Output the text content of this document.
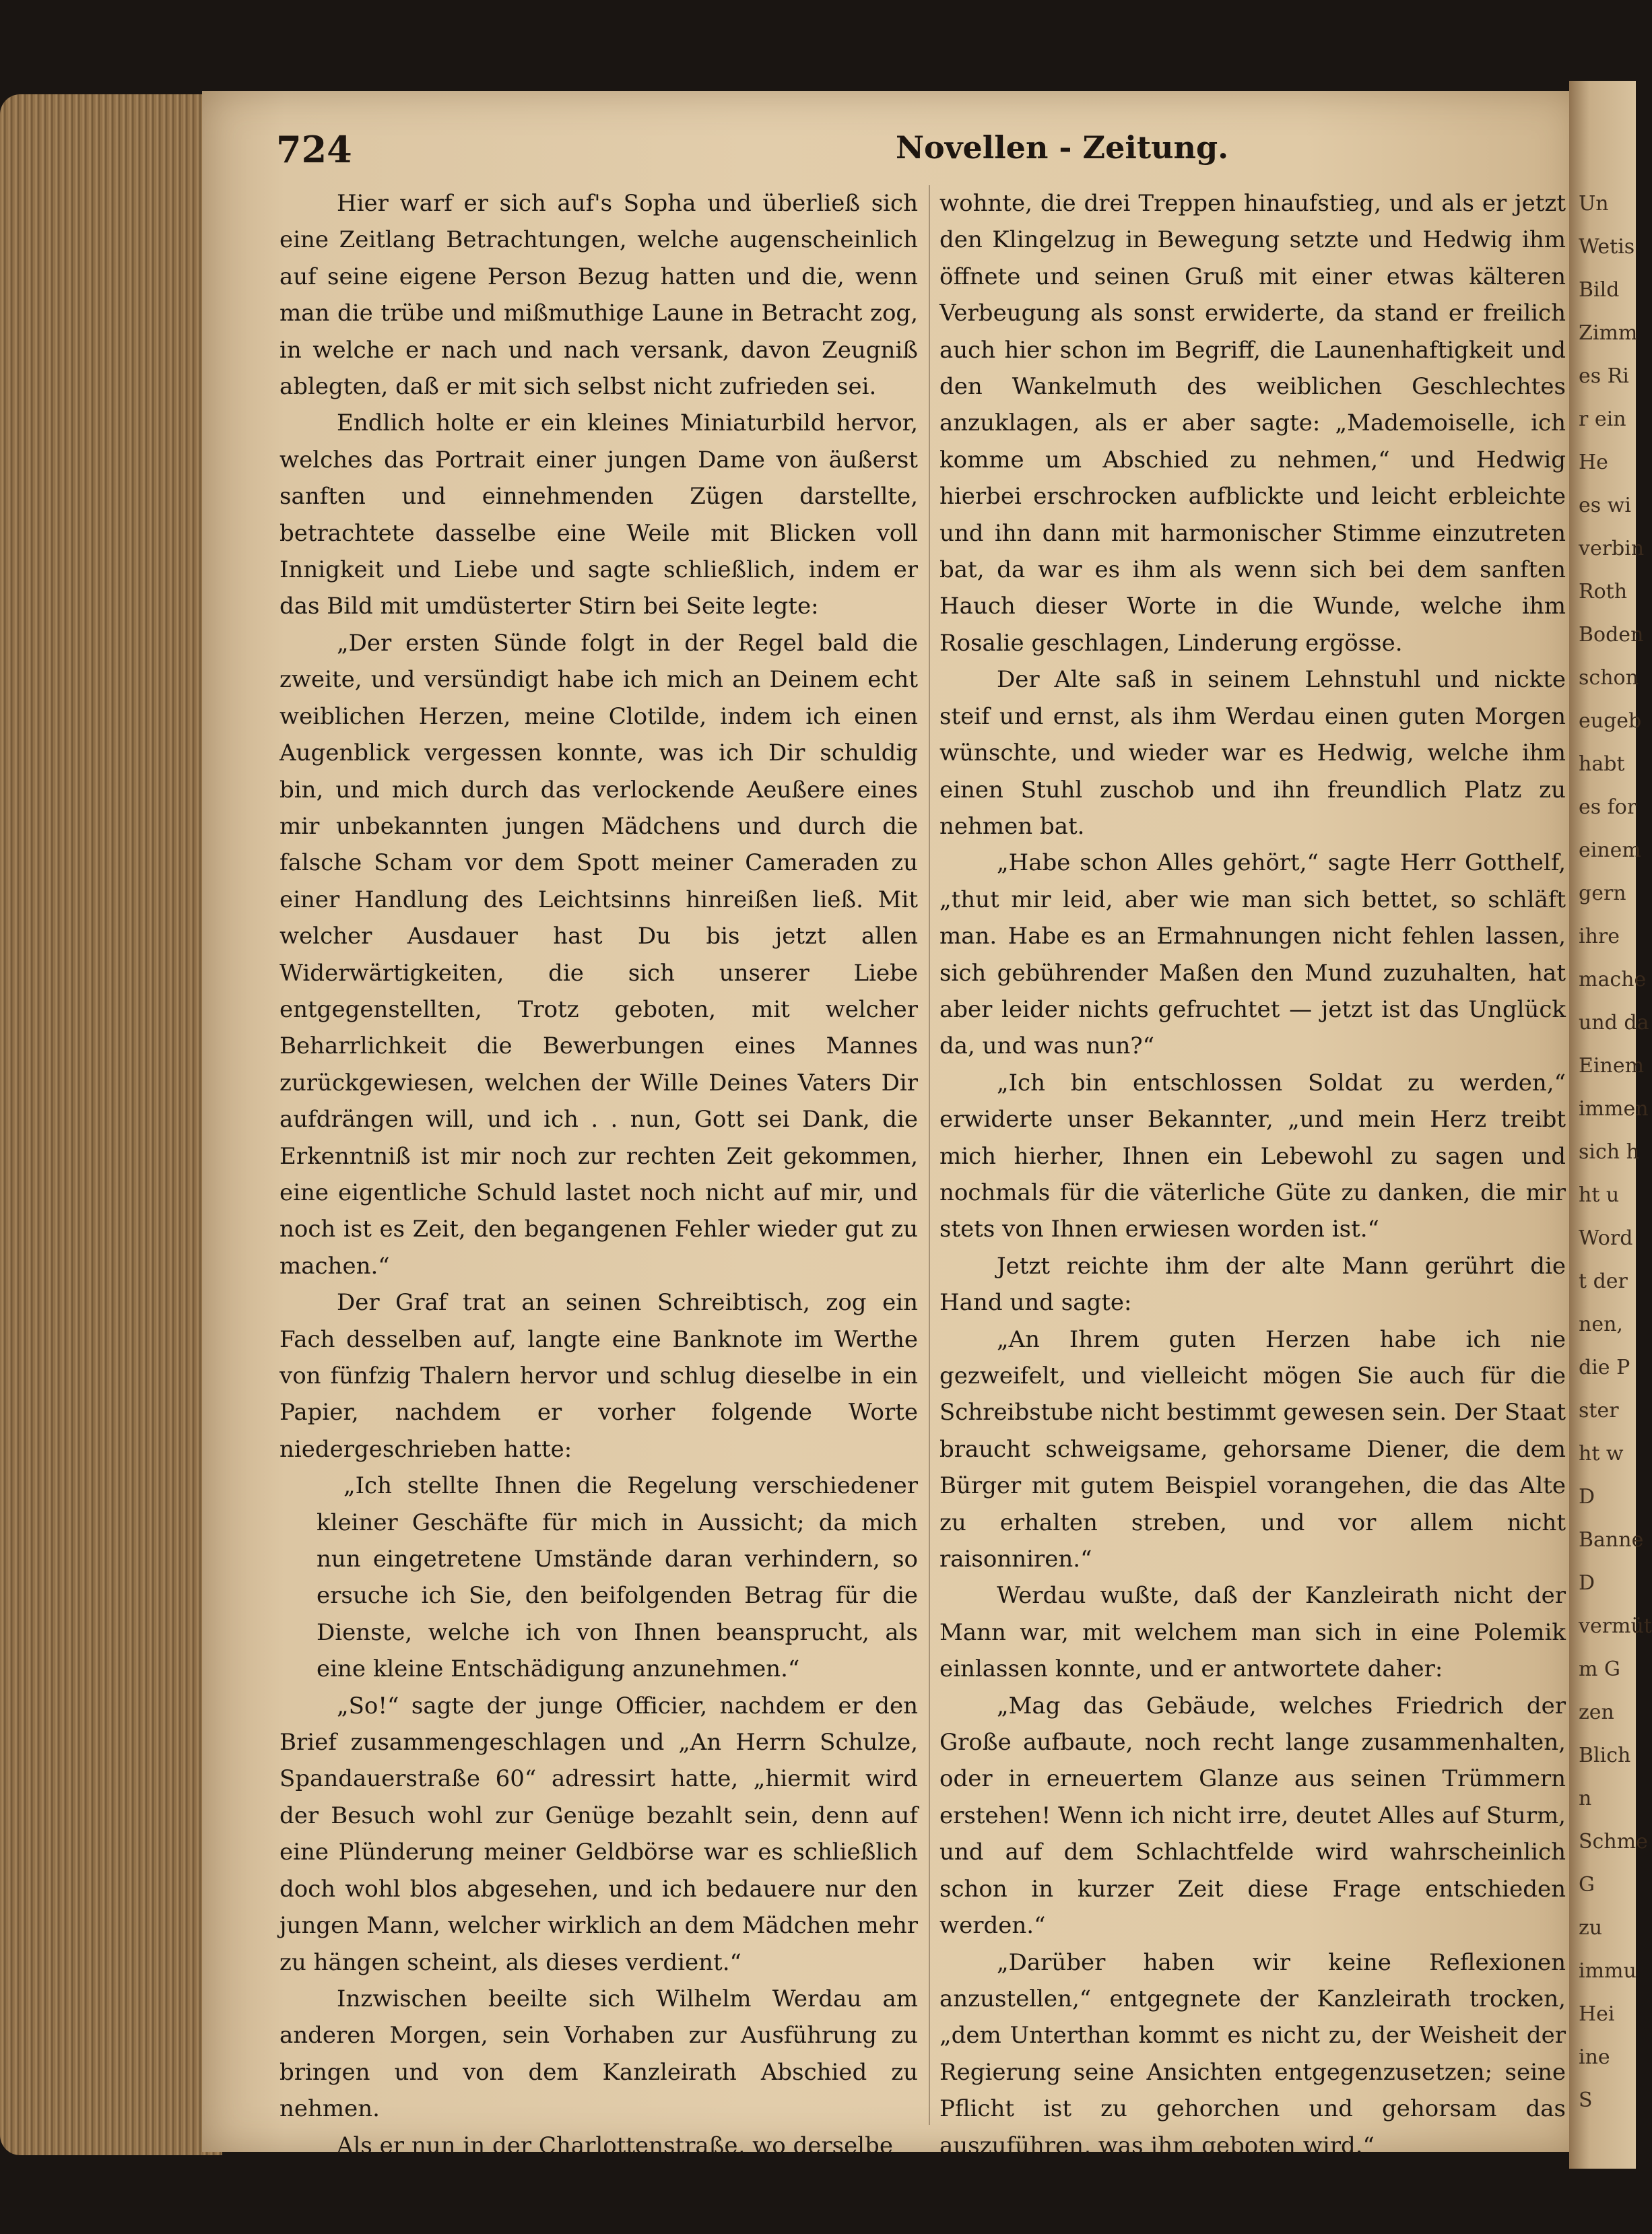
724	Novellen - Zeitung.

Hier warf er sich auf's Sopha und überließ sich eine Zeitlang Betrachtungen, welche augenscheinlich auf seine eigene Person Bezug hatten und die, wenn man die trübe und mißmuthige Laune in Betracht zog, in welche er nach und nach versank, davon Zeugniß ablegten, daß er mit sich selbst nicht zufrieden sei.

Endlich holte er ein kleines Miniaturbild hervor, welches das Portrait einer jungen Dame von äußerst sanften und einnehmenden Zügen darstellte, betrachtete dasselbe eine Weile mit Blicken voll Innigkeit und Liebe und sagte schließlich, indem er das Bild mit umdüsterter Stirn bei Seite legte:

„Der ersten Sünde folgt in der Regel bald die zweite, und versündigt habe ich mich an Deinem echt weiblichen Herzen, meine Clotilde, indem ich einen Augenblick vergessen konnte, was ich Dir schuldig bin, und mich durch das verlockende Aeußere eines mir unbekannten jungen Mädchens und durch die falsche Scham vor dem Spott meiner Cameraden zu einer Handlung des Leichtsinns hinreißen ließ. Mit welcher Ausdauer hast Du bis jetzt allen Widerwärtigkeiten, die sich unserer Liebe entgegenstellten, Trotz geboten, mit welcher Beharrlichkeit die Bewerbungen eines Mannes zurückgewiesen, welchen der Wille Deines Vaters Dir aufdrängen will, und ich . . nun, Gott sei Dank, die Erkenntniß ist mir noch zur rechten Zeit gekommen, eine eigentliche Schuld lastet noch nicht auf mir, und noch ist es Zeit, den begangenen Fehler wieder gut zu machen.“

Der Graf trat an seinen Schreibtisch, zog ein Fach desselben auf, langte eine Banknote im Werthe von fünfzig Thalern hervor und schlug dieselbe in ein Papier, nachdem er vorher folgende Worte niedergeschrieben hatte:

„Ich stellte Ihnen die Regelung verschiedener kleiner Geschäfte für mich in Aussicht; da mich nun eingetretene Umstände daran verhindern, so ersuche ich Sie, den beifolgenden Betrag für die Dienste, welche ich von Ihnen beansprucht, als eine kleine Entschädigung anzunehmen.“

„So!“ sagte der junge Officier, nachdem er den Brief zusammengeschlagen und „An Herrn Schulze, Spandauerstraße 60“ adressirt hatte, „hiermit wird der Besuch wohl zur Genüge bezahlt sein, denn auf eine Plünderung meiner Geldbörse war es schließlich doch wohl blos abgesehen, und ich bedauere nur den jungen Mann, welcher wirklich an dem Mädchen mehr zu hängen scheint, als dieses verdient.“

Inzwischen beeilte sich Wilhelm Werdau am anderen Morgen, sein Vorhaben zur Ausführung zu bringen und von dem Kanzleirath Abschied zu nehmen.

Als er nun in der Charlottenstraße, wo derselbe

wohnte, die drei Treppen hinaufstieg, und als er jetzt den Klingelzug in Bewegung setzte und Hedwig ihm öffnete und seinen Gruß mit einer etwas kälteren Verbeugung als sonst erwiderte, da stand er freilich auch hier schon im Begriff, die Launenhaftigkeit und den Wankelmuth des weiblichen Geschlechtes anzuklagen, als er aber sagte: „Mademoiselle, ich komme um Abschied zu nehmen,“ und Hedwig hierbei erschrocken aufblickte und leicht erbleichte und ihn dann mit harmonischer Stimme einzutreten bat, da war es ihm als wenn sich bei dem sanften Hauch dieser Worte in die Wunde, welche ihm Rosalie geschlagen, Linderung ergösse.

Der Alte saß in seinem Lehnstuhl und nickte steif und ernst, als ihm Werdau einen guten Morgen wünschte, und wieder war es Hedwig, welche ihm einen Stuhl zuschob und ihn freundlich Platz zu nehmen bat.

„Habe schon Alles gehört,“ sagte Herr Gotthelf, „thut mir leid, aber wie man sich bettet, so schläft man. Habe es an Ermahnungen nicht fehlen lassen, sich gebührender Maßen den Mund zuzuhalten, hat aber leider nichts gefruchtet — jetzt ist das Unglück da, und was nun?“

„Ich bin entschlossen Soldat zu werden,“ erwiderte unser Bekannter, „und mein Herz treibt mich hierher, Ihnen ein Lebewohl zu sagen und nochmals für die väterliche Güte zu danken, die mir stets von Ihnen erwiesen worden ist.“

Jetzt reichte ihm der alte Mann gerührt die Hand und sagte:

„An Ihrem guten Herzen habe ich nie gezweifelt, und vielleicht mögen Sie auch für die Schreibstube nicht bestimmt gewesen sein. Der Staat braucht schweigsame, gehorsame Diener, die dem Bürger mit gutem Beispiel vorangehen, die das Alte zu erhalten streben, und vor allem nicht raisonniren.“

Werdau wußte, daß der Kanzleirath nicht der Mann war, mit welchem man sich in eine Polemik einlassen konnte, und er antwortete daher:

„Mag das Gebäude, welches Friedrich der Große aufbaute, noch recht lange zusammenhalten, oder in erneuertem Glanze aus seinen Trümmern erstehen! Wenn ich nicht irre, deutet Alles auf Sturm, und auf dem Schlachtfelde wird wahrscheinlich schon in kurzer Zeit diese Frage entschieden werden.“

„Darüber haben wir keine Reflexionen anzustellen,“ entgegnete der Kanzleirath trocken, „dem Unterthan kommt es nicht zu, der Weisheit der Regierung seine Ansichten entgegenzusetzen; seine Pflicht ist zu gehorchen und gehorsam das auszuführen, was ihm geboten wird.“

Un
Wetis
Bild
Zimm
es Ri
r ein
He
es wi
verbin
Roth
Boden
schon
eugeb
habt
es for
einem
gern
ihre
mache
und da
Einem
immen
sich h
ht u
Word
t der
nen,
die P
ster
ht w
D
Banne
D
vermüt
m G
zen
Blich
n
Schme
G
zu
immu
Hei
ine
S
